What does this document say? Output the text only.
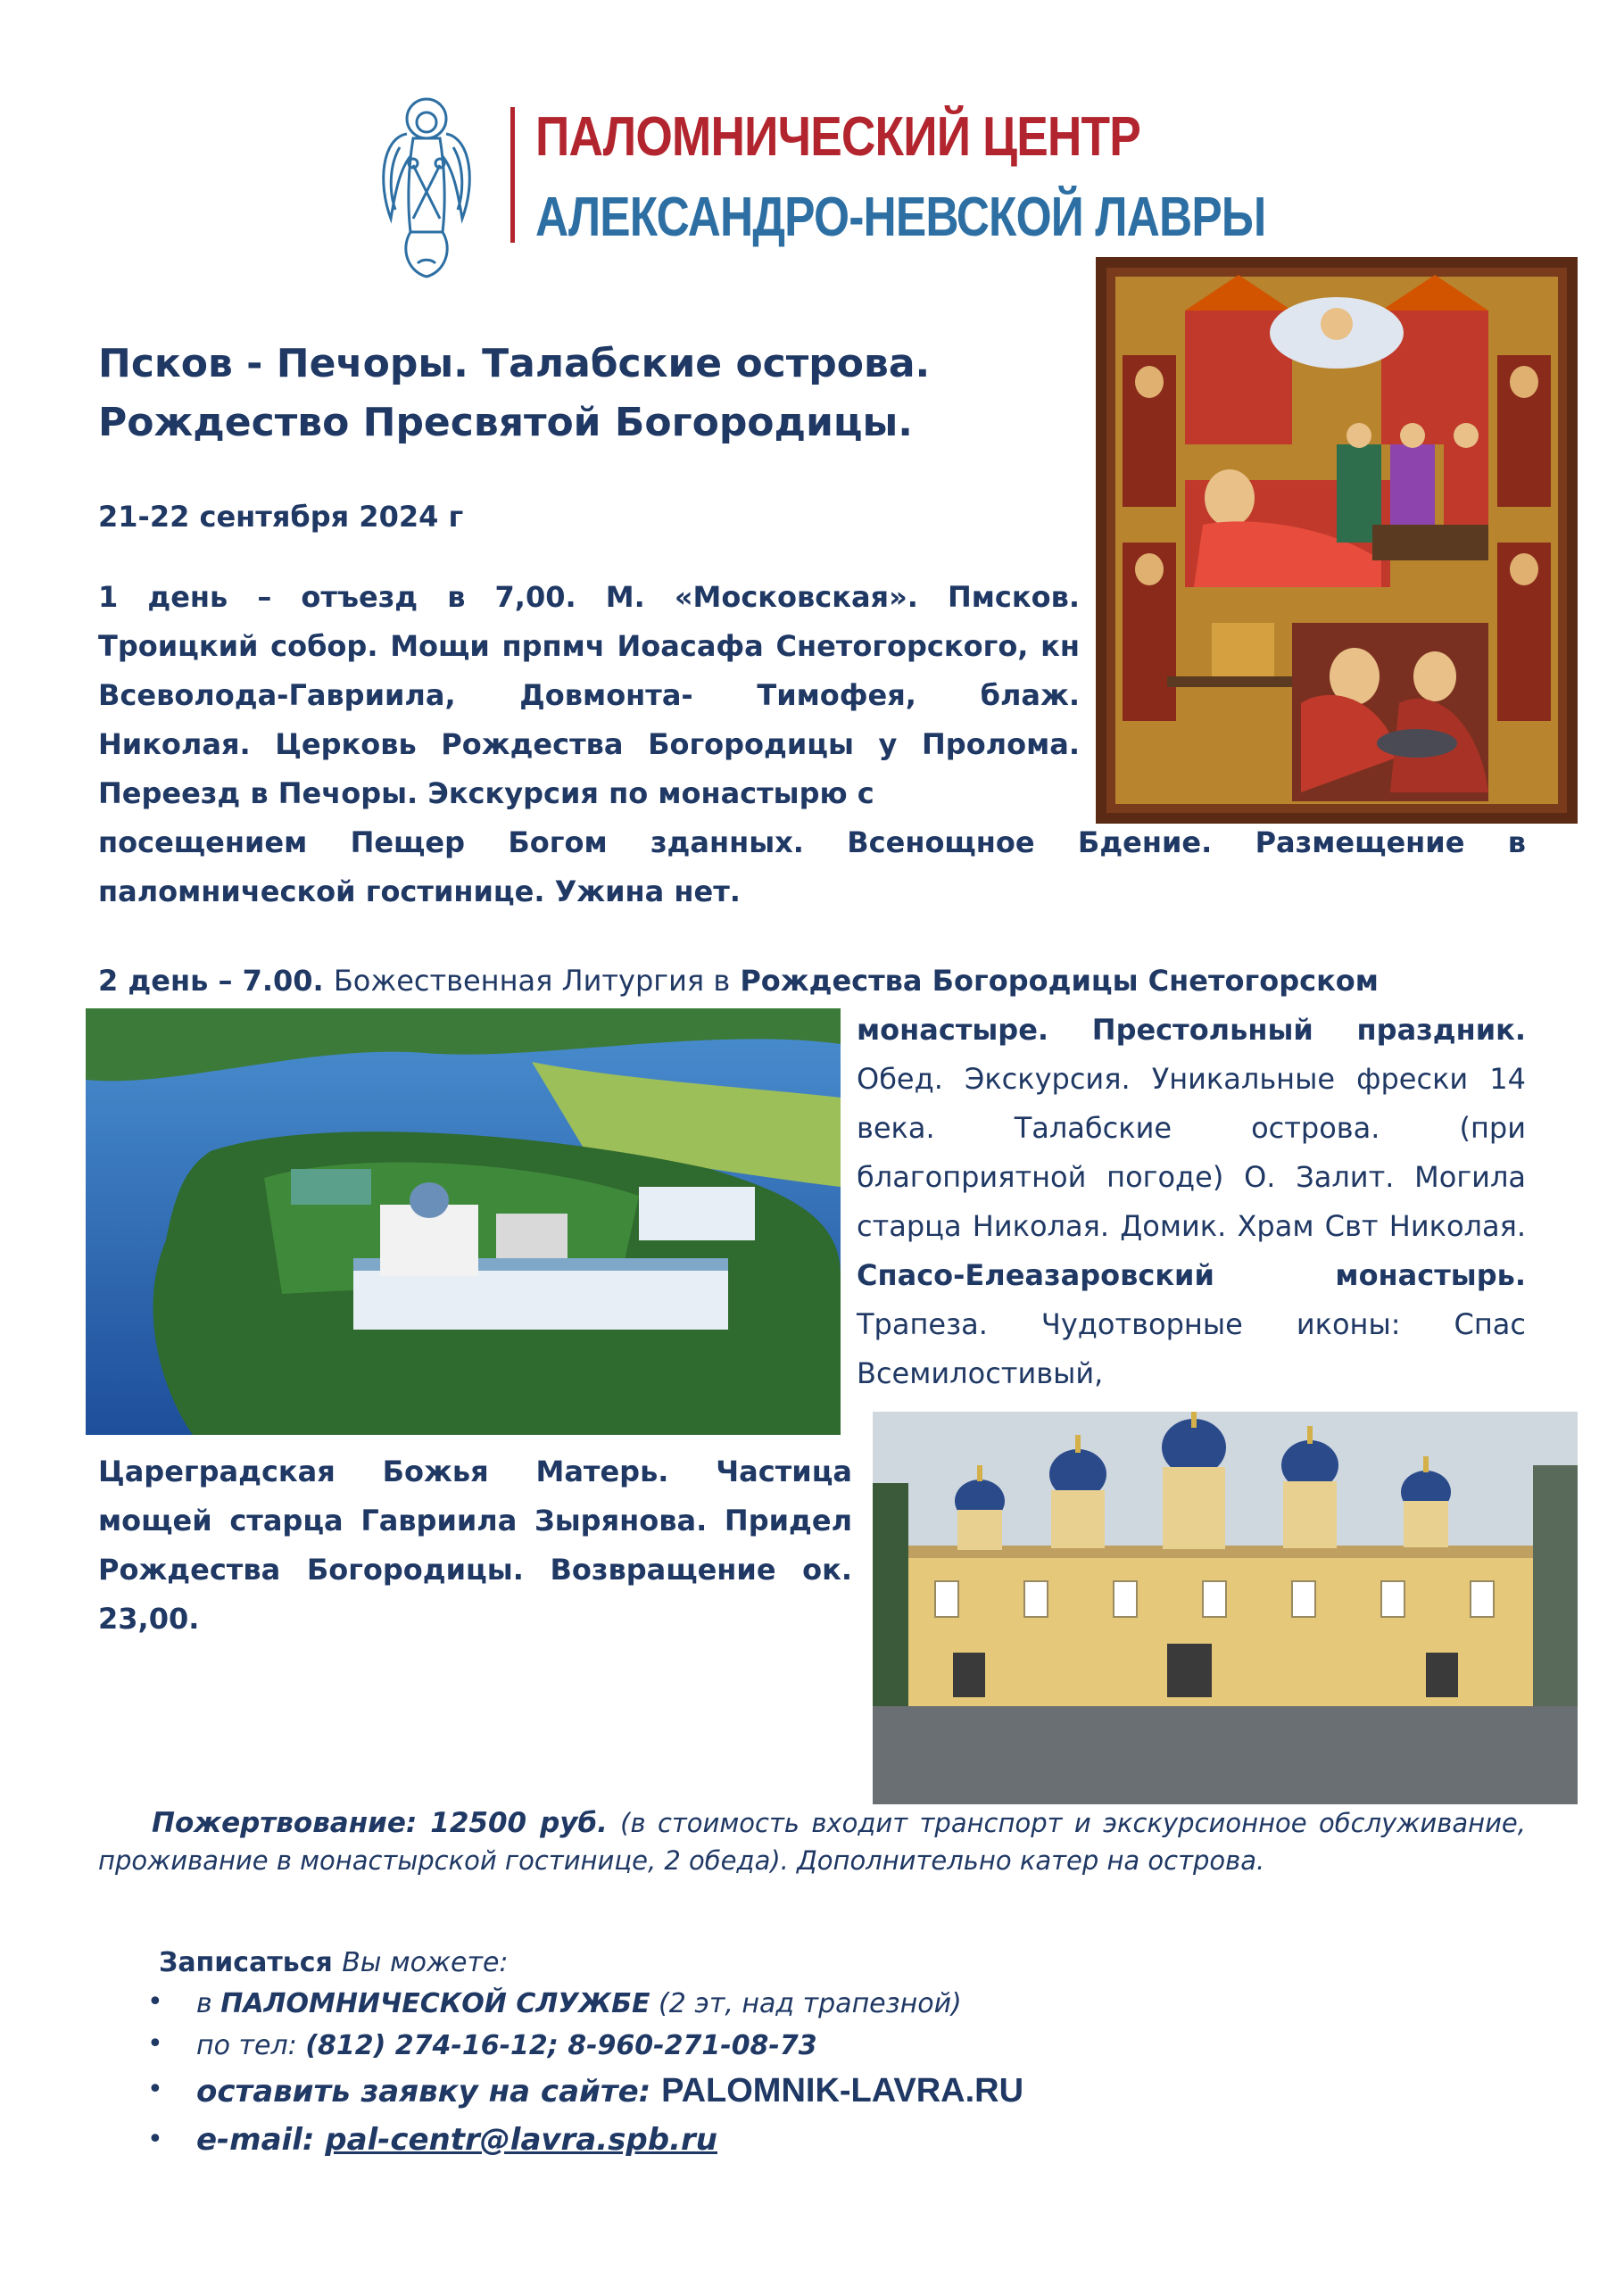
ПАЛОМНИЧЕСКИЙ ЦЕНТР
АЛЕКСАНДРО-НЕВСКОЙ ЛАВРЫ
Псков - Печоры. Талабские острова.
Рождество Пресвятой Богородицы.
21-22 сентября 2024 г
1 день – отъезд в 7,00. М. «Московская». Пмсков. Троицкий собор. Мощи прпмч Иоасафа Снетогорского, кн Всеволода-Гавриила, Довмонта- Тимофея, блаж. Николая. Церковь Рождества Богородицы у Пролома. Переезд в Печоры. Экскурсия по монастырю с
посещением Пещер Богом зданных. Всенощное Бдение. Размещение в паломнической гостинице. Ужина нет.
2 день – 7.00. Божественная Литургия в Рождества Богородицы Снетогорском
монастыре. Престольный праздник. Обед. Экскурсия. Уникальные фрески 14 века. Талабские острова. (при благоприятной погоде) О. Залит. Могила старца Николая. Домик. Храм Свт Николая. Спасо-Елеазаровский монастырь. Трапеза. Чудотворные иконы: Спас Всемилостивый,
Цареградская Божья Матерь. Частица мощей старца Гавриила Зырянова. Придел Рождества Богородицы. Возвращение ок. 23,00.
Пожертвование: 12500 руб. (в стоимость входит транспорт и экскурсионное обслуживание, проживание в монастырской гостинице, 2 обеда). Дополнительно катер на острова.
Записаться Вы можете:
• в ПАЛОМНИЧЕСКОЙ СЛУЖБЕ (2 эт, над трапезной)
• по тел: (812) 274-16-12; 8-960-271-08-73
• оставить заявку на сайте: PALOMNIK-LAVRA.RU
• e-mail: pal-centr@lavra.spb.ru
